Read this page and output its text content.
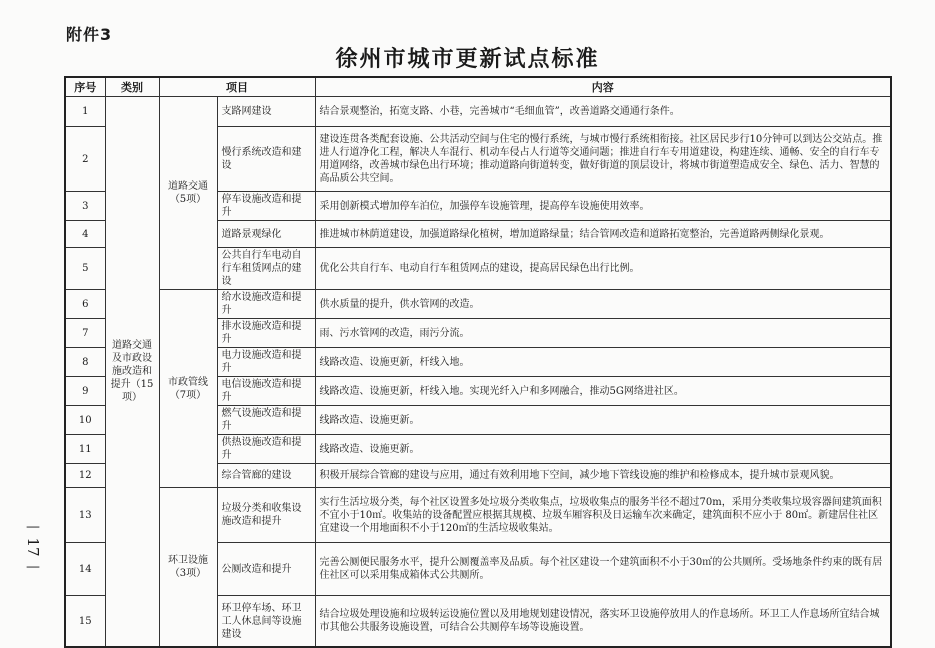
附件3
徐州市城市更新试点标准
—
17
—
序号	类别	项目		内容
1	道路交通及市政设施改造和提升（15项）	道路交通（5项）	支路网建设	结合景观整治，拓宽支路、小巷，完善城市“毛细血管”，改善道路交通通行条件。
2			慢行系统改造和建设	建设连贯各类配套设施、公共活动空间与住宅的慢行系统，与城市慢行系统相衔接。社区居民步行10分钟可以到达公交站点。推进人行道净化工程，解决人车混行、机动车侵占人行道等交通问题；推进自行车专用道建设，构建连续、通畅、安全的自行车专用道网络，改善城市绿色出行环境；推动道路向街道转变，做好街道的顶层设计，将城市街道塑造成安全、绿色、活力、智慧的高品质公共空间。
3			停车设施改造和提升	采用创新模式增加停车泊位，加强停车设施管理，提高停车设施使用效率。
4			道路景观绿化	推进城市林荫道建设，加强道路绿化植树，增加道路绿量；结合管网改造和道路拓宽整治，完善道路两侧绿化景观。
5			公共自行车电动自行车租赁网点的建设	优化公共自行车、电动自行车租赁网点的建设，提高居民绿色出行比例。
6		市政管线（7项）	给水设施改造和提升	供水质量的提升，供水管网的改造。
7			排水设施改造和提升	雨、污水管网的改造，雨污分流。
8			电力设施改造和提升	线路改造、设施更新，杆线入地。
9			电信设施改造和提升	线路改造、设施更新，杆线入地。实现光纤入户和多网融合，推动5G网络进社区。
10			燃气设施改造和提升	线路改造、设施更新。
11			供热设施改造和提升	线路改造、设施更新。
12			综合管廊的建设	积极开展综合管廊的建设与应用，通过有效利用地下空间，减少地下管线设施的维护和检修成本，提升城市景观风貌。
13		环卫设施（3项）	垃圾分类和收集设施改造和提升	实行生活垃圾分类，每个社区设置多处垃圾分类收集点，垃圾收集点的服务半径不超过70m，采用分类收集垃圾容器间建筑面积不宜小于10㎡。收集站的设备配置应根据其规模、垃圾车厢容积及日运输车次来确定，建筑面积不应小于 80㎡。新建居住社区宜建设一个用地面积不小于120㎡的生活垃圾收集站。
14			公厕改造和提升	完善公厕便民服务水平，提升公厕覆盖率及品质。每个社区建设一个建筑面积不小于30㎡的公共厕所。受场地条件约束的既有居住社区可以采用集成箱体式公共厕所。
15			环卫停车场、环卫工人休息间等设施建设	结合垃圾处理设施和垃圾转运设施位置以及用地规划建设情况，落实环卫设施停放用人的作息场所。环卫工人作息场所宜结合城市其他公共服务设施设置，可结合公共厕停车场等设施设置。
